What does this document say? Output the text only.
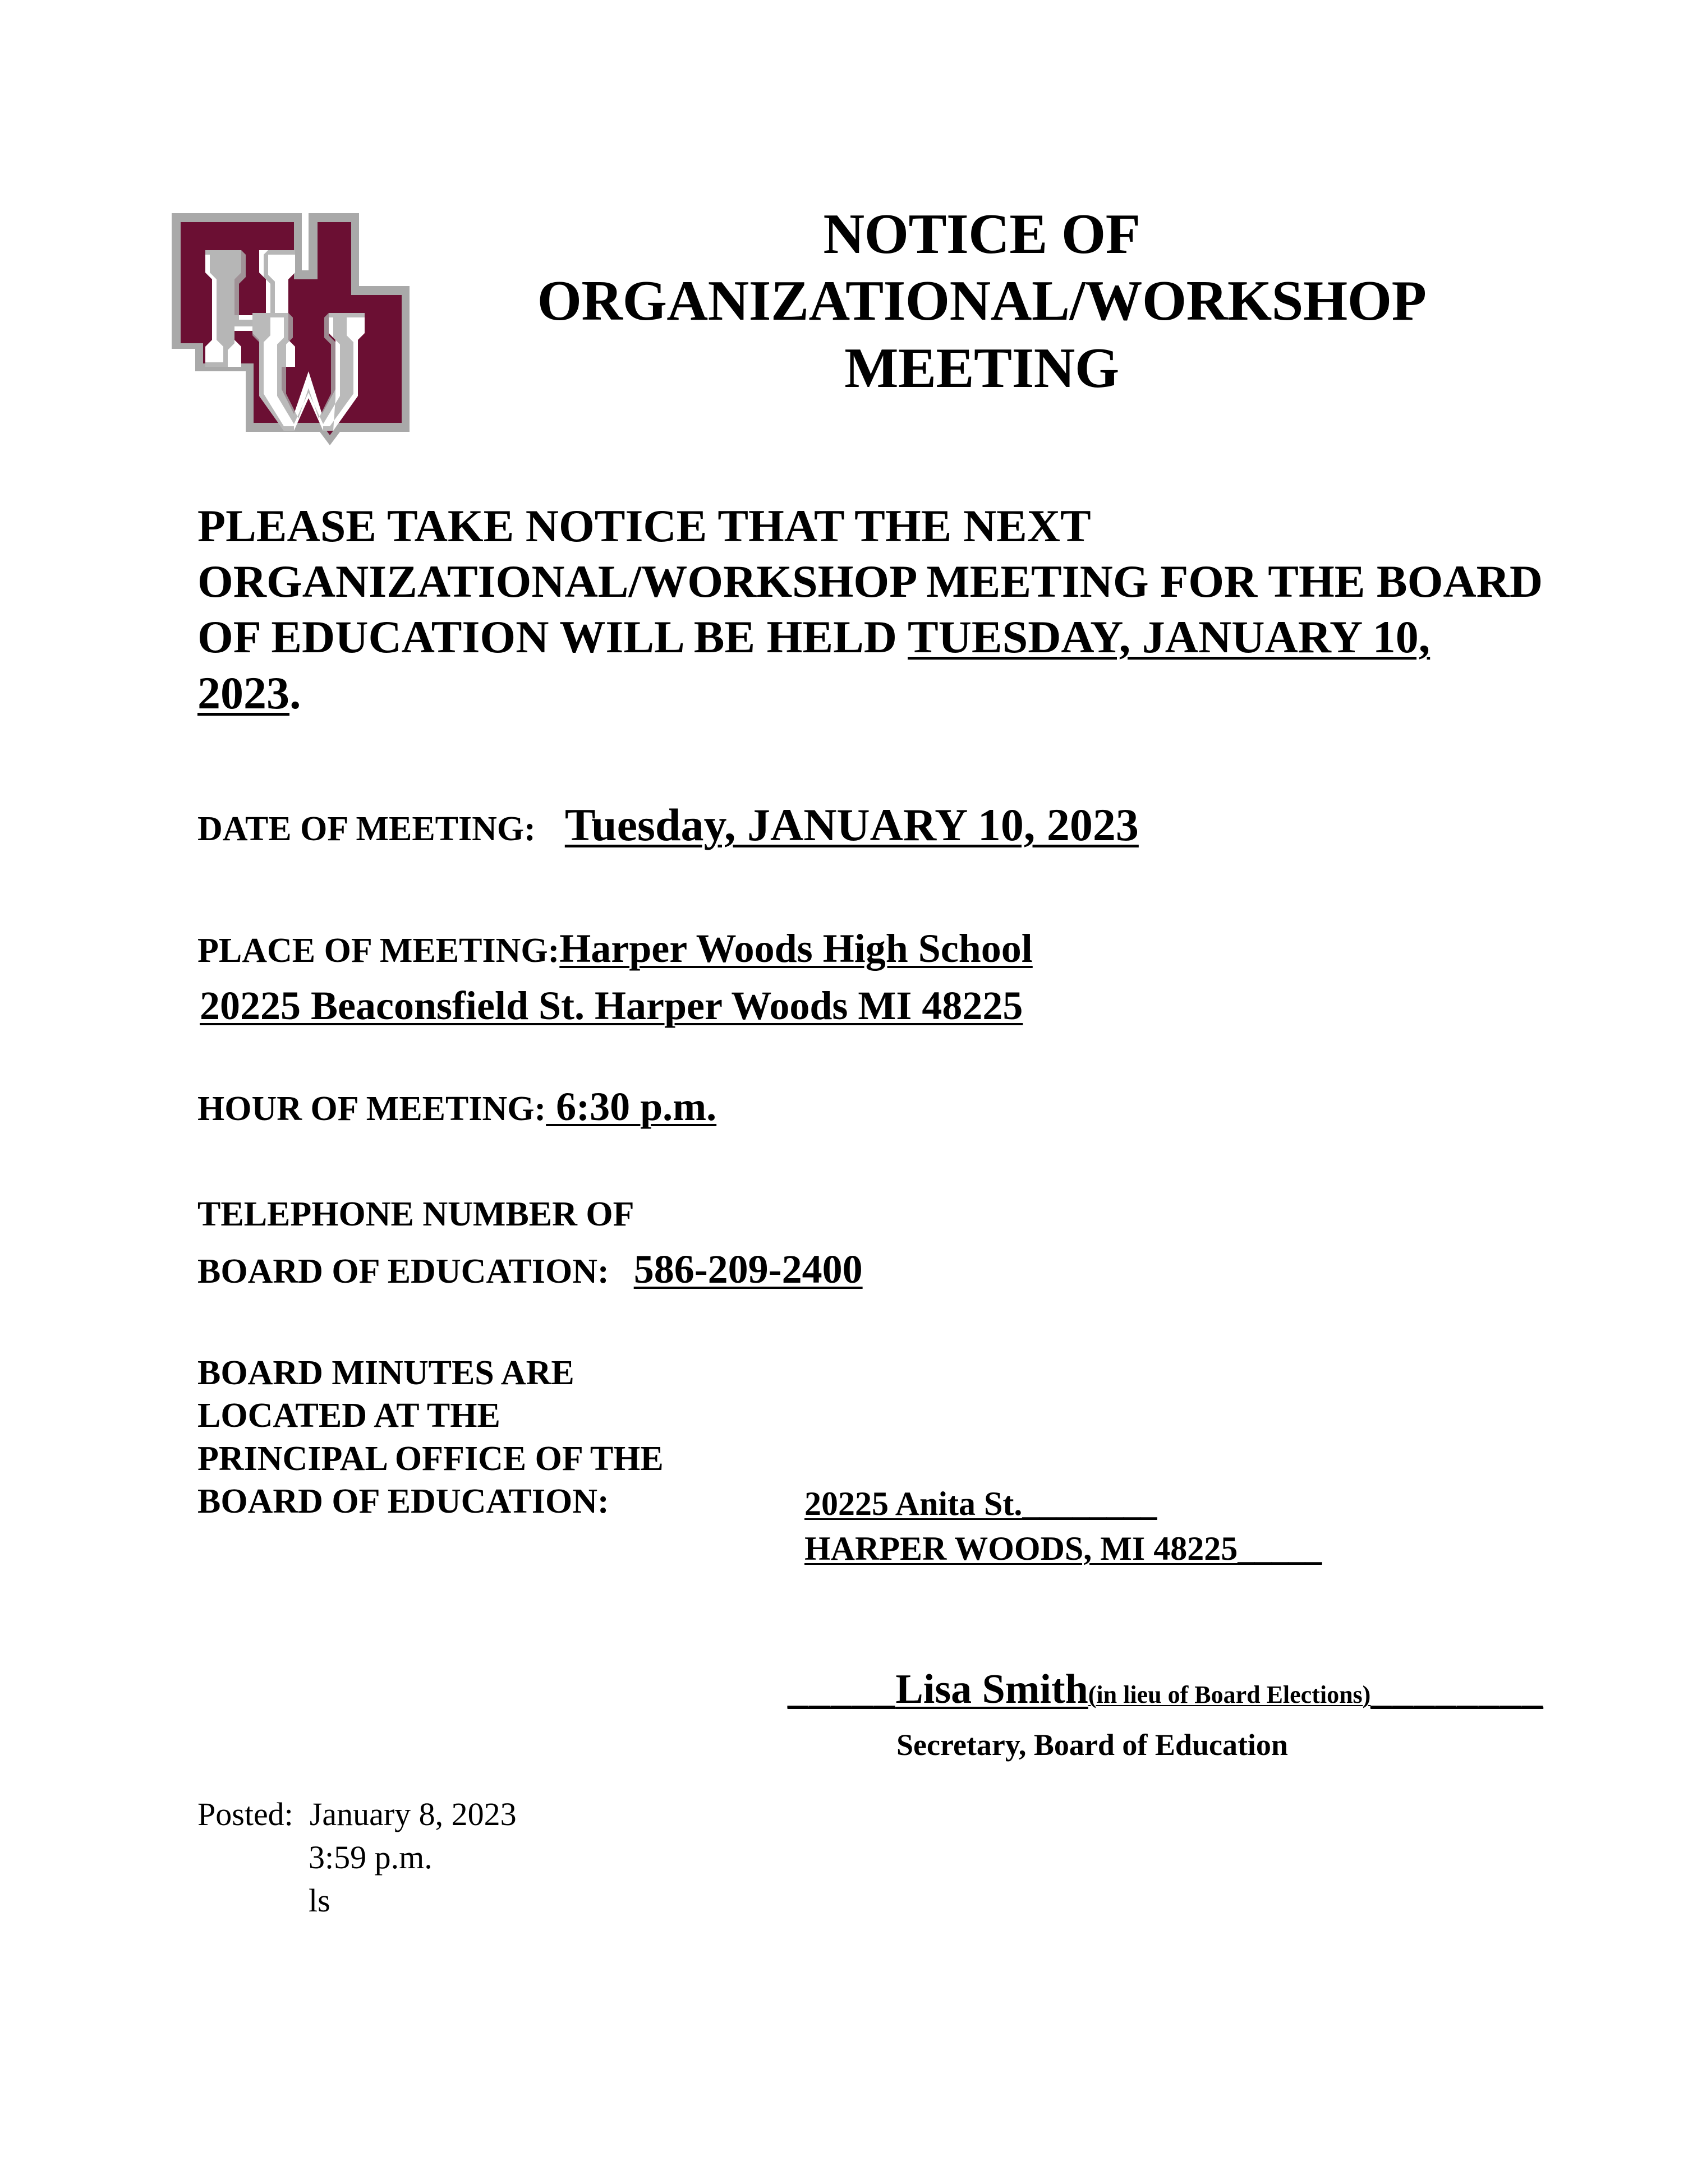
NOTICE OF
ORGANIZATIONAL/WORKSHOP
MEETING
PLEASE TAKE NOTICE THAT THE NEXT ORGANIZATIONAL/WORKSHOP MEETING FOR THE BOARD OF EDUCATION WILL BE HELD TUESDAY, JANUARY 10, 2023.
DATE OF MEETING: Tuesday, JANUARY 10, 2023
PLACE OF MEETING:Harper Woods High School
20225 Beaconsfield St. Harper Woods MI 48225
HOUR OF MEETING: 6:30 p.m.
TELEPHONE NUMBER OF
BOARD OF EDUCATION: 586-209-2400
BOARD MINUTES ARE
LOCATED AT THE
PRINCIPAL OFFICE OF THE
BOARD OF EDUCATION:	20225 Anita St.________
HARPER WOODS, MI 48225_____
_____Lisa Smith(in lieu of Board Elections)________
Secretary, Board of Education
Posted: January 8, 2023
3:59 p.m.
ls
